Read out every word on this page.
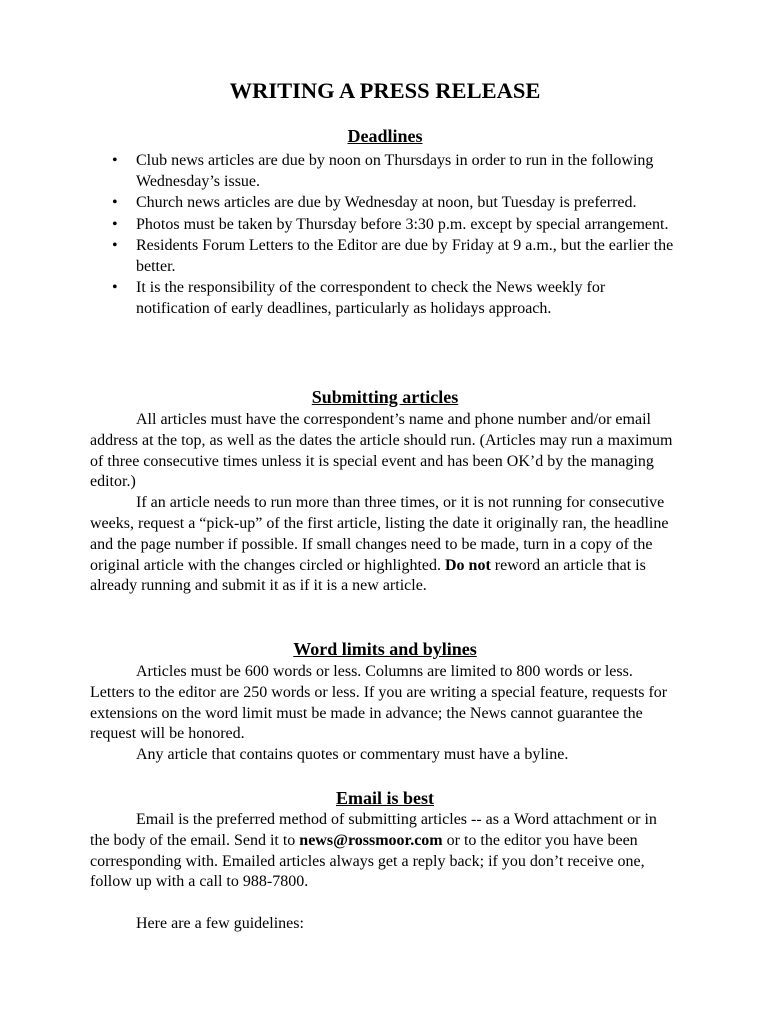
WRITING A PRESS RELEASE
Deadlines
• Club news articles are due by noon on Thursdays in order to run in the following Wednesday’s issue.
• Church news articles are due by Wednesday at noon, but Tuesday is preferred.
• Photos must be taken by Thursday before 3:30 p.m. except by special arrangement.
• Residents Forum Letters to the Editor are due by Friday at 9 a.m., but the earlier the better.
• It is the responsibility of the correspondent to check the News weekly for notification of early deadlines, particularly as holidays approach.
Submitting articles

All articles must have the correspondent’s name and phone number and/or email address at the top, as well as the dates the article should run. (Articles may run a maximum of three consecutive times unless it is special event and has been OK’d by the managing editor.)

If an article needs to run more than three times, or it is not running for consecutive weeks, request a “pick-up” of the first article, listing the date it originally ran, the headline and the page number if possible. If small changes need to be made, turn in a copy of the original article with the changes circled or highlighted. Do not reword an article that is already running and submit it as if it is a new article.

Word limits and bylines

Articles must be 600 words or less. Columns are limited to 800 words or less. Letters to the editor are 250 words or less. If you are writing a special feature, requests for extensions on the word limit must be made in advance; the News cannot guarantee the request will be honored.

Any article that contains quotes or commentary must have a byline.

Email is best

Email is the preferred method of submitting articles -- as a Word attachment or in the body of the email. Send it to news@rossmoor.com or to the editor you have been corresponding with. Emailed articles always get a reply back; if you don’t receive one, follow up with a call to 988-7800.

Here are a few guidelines:
